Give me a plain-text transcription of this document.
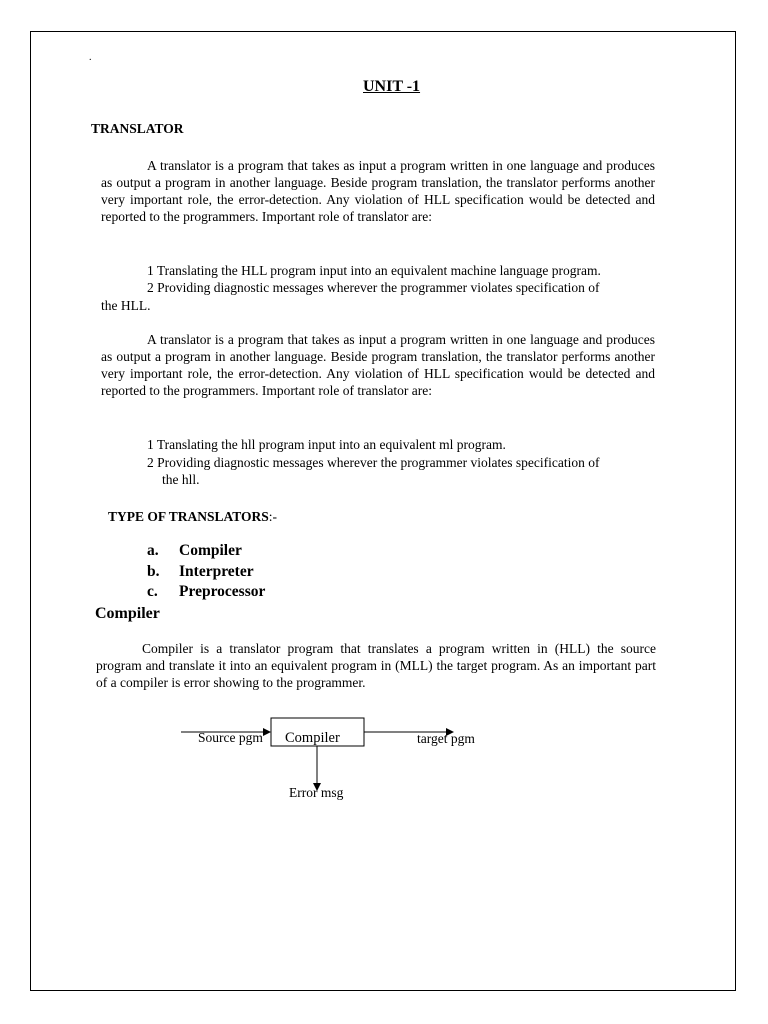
.
UNIT -1
TRANSLATOR

A translator is a program that takes as input a program written in one language and produces as output a program in another language. Beside program translation, the translator performs another very important role, the error-detection. Any violation of HLL specification would be detected and reported to the programmers. Important role of translator are:

1 Translating the HLL program input into an equivalent machine language program.
2 Providing diagnostic messages wherever the programmer violates specification of
the HLL.

A translator is a program that takes as input a program written in one language and produces as output a program in another language. Beside program translation, the translator performs another very important role, the error-detection. Any violation of HLL specification would be detected and reported to the programmers. Important role of translator are:

1 Translating the hll program input into an equivalent ml program.
2 Providing diagnostic messages wherever the programmer violates specification of
the hll.
TYPE OF TRANSLATORS:-
a. Compiler
b. Interpreter
c. Preprocessor
Compiler

Compiler is a translator program that translates a program written in (HLL) the source program and translate it into an equivalent program in (MLL) the target program. As an important part of a compiler is error showing to the programmer.

Source pgm Compiler	target pgm
Error msg
